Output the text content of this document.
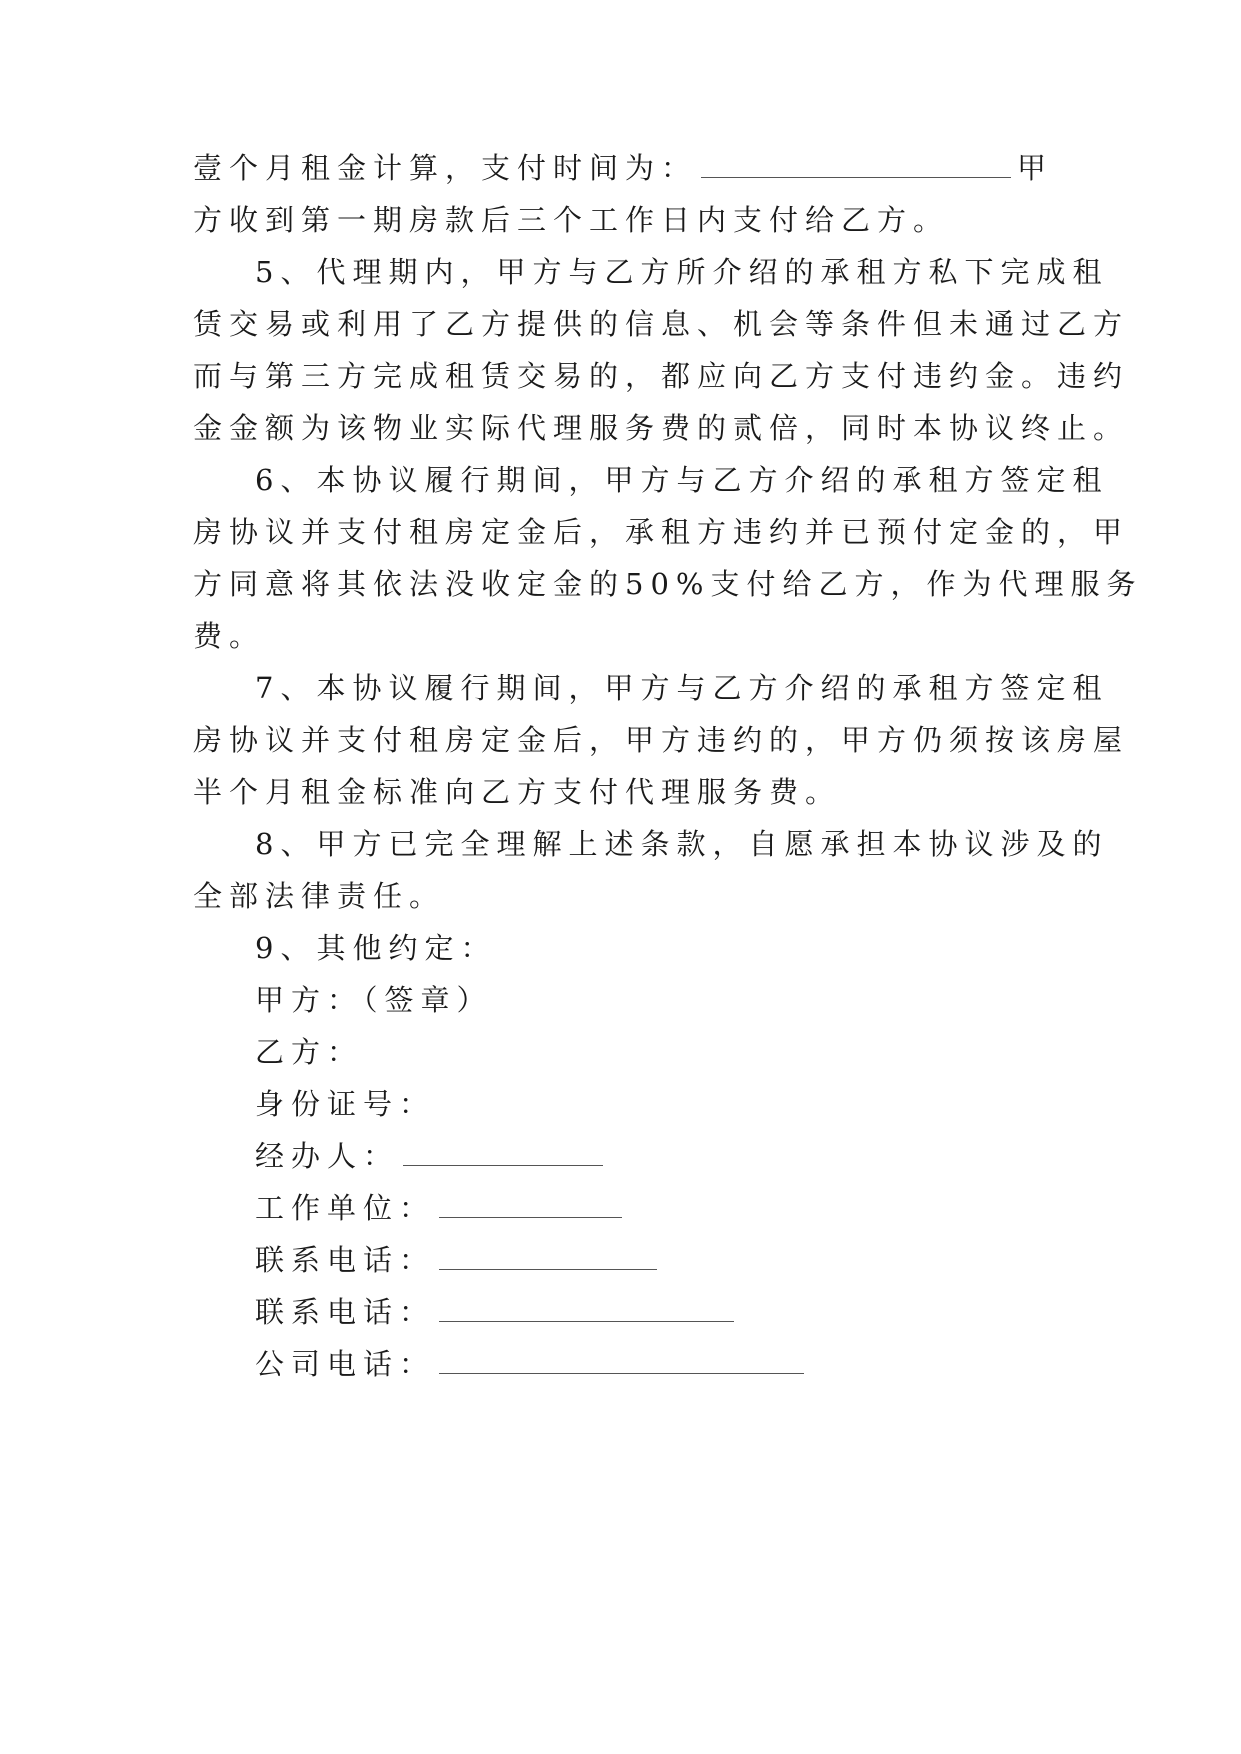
壹个月租金计算，支付时间为：	甲
方收到第一期房款后三个工作日内支付给乙方。
5、代理期内，甲方与乙方所介绍的承租方私下完成租
赁交易或利用了乙方提供的信息、机会等条件但未通过乙方
而与第三方完成租赁交易的，都应向乙方支付违约金。违约
金金额为该物业实际代理服务费的贰倍，同时本协议终止。
6、本协议履行期间，甲方与乙方介绍的承租方签定租
房协议并支付租房定金后，承租方违约并已预付定金的，甲
方同意将其依法没收定金的50%支付给乙方，作为代理服务
费。
7、本协议履行期间，甲方与乙方介绍的承租方签定租
房协议并支付租房定金后，甲方违约的，甲方仍须按该房屋
半个月租金标准向乙方支付代理服务费。
8、甲方已完全理解上述条款，自愿承担本协议涉及的
全部法律责任。
9、其他约定：
甲方：（签章）
乙方：
身份证号：
经办人：
工作单位：
联系电话：
联系电话：
公司电话：
